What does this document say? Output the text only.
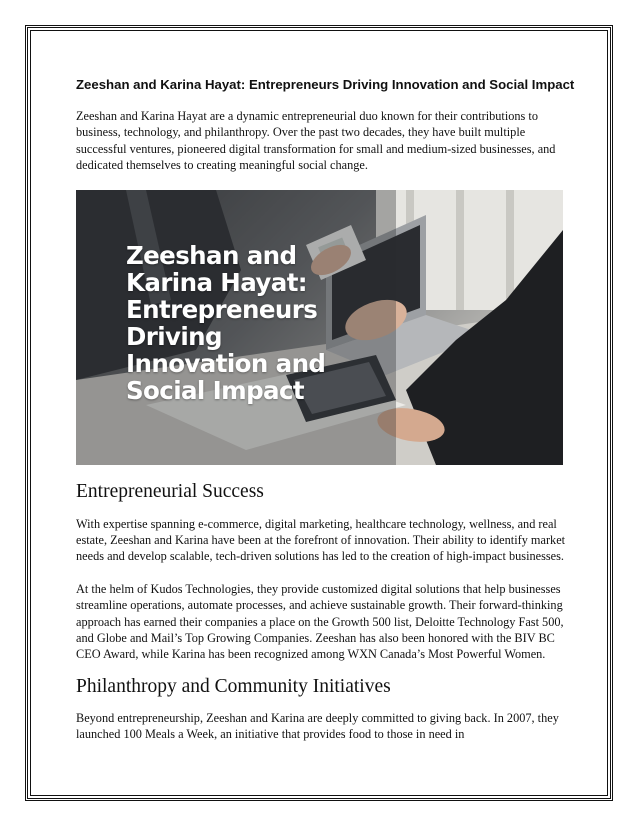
Zeeshan and Karina Hayat: Entrepreneurs Driving Innovation and Social Impact

Zeeshan and Karina Hayat are a dynamic entrepreneurial duo known for their contributions to business, technology, and philanthropy. Over the past two decades, they have built multiple successful ventures, pioneered digital transformation for small and medium-sized businesses, and dedicated themselves to creating meaningful social change.

Zeeshan and
Karina Hayat:
Entrepreneurs
Driving
Innovation and
Social Impact
Entrepreneurial Success

With expertise spanning e-commerce, digital marketing, healthcare technology, wellness, and real estate, Zeeshan and Karina have been at the forefront of innovation. Their ability to identify market needs and develop scalable, tech-driven solutions has led to the creation of high-impact businesses.

At the helm of Kudos Technologies, they provide customized digital solutions that help businesses streamline operations, automate processes, and achieve sustainable growth. Their forward-thinking approach has earned their companies a place on the Growth 500 list, Deloitte Technology Fast 500, and Globe and Mail’s Top Growing Companies. Zeeshan has also been honored with the BIV BC CEO Award, while Karina has been recognized among WXN Canada’s Most Powerful Women.

Philanthropy and Community Initiatives

Beyond entrepreneurship, Zeeshan and Karina are deeply committed to giving back. In 2007, they launched 100 Meals a Week, an initiative that provides food to those in need in
